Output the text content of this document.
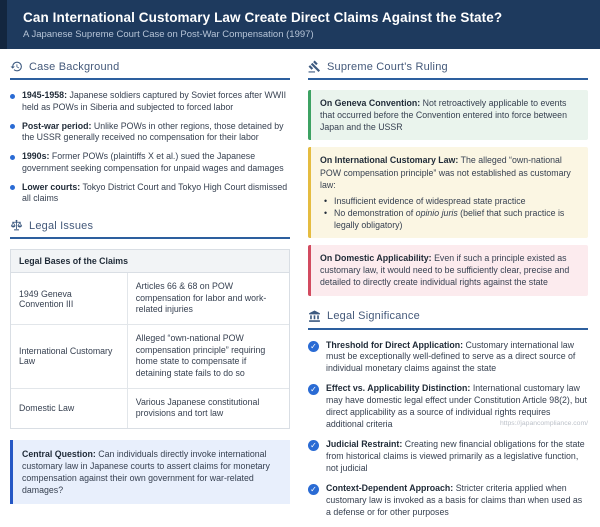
Can International Customary Law Create Direct Claims Against the State?
A Japanese Supreme Court Case on Post-War Compensation (1997)
Case Background
1945-1958: Japanese soldiers captured by Soviet forces after WWII held as POWs in Siberia and subjected to forced labor
Post-war period: Unlike POWs in other regions, those detained by the USSR generally received no compensation for their labor
1990s: Former POWs (plaintiffs X et al.) sued the Japanese government seeking compensation for unpaid wages and damages
Lower courts: Tokyo District Court and Tokyo High Court dismissed all claims
Legal Issues
Legal Bases of the Claims
1949 Geneva Convention III
Articles 66 & 68 on POW compensation for labor and work-related injuries
International Customary Law
Alleged “own-national POW compensation principle” requiring home state to compensate if detaining state fails to do so
Domestic Law
Various Japanese constitutional provisions and tort law
Central Question: Can individuals directly invoke international customary law in Japanese courts to assert claims for monetary compensation against their own government for war-related damages?
Supreme Court's Ruling
On Geneva Convention: Not retroactively applicable to events that occurred before the Convention entered into force between Japan and the USSR
On International Customary Law: The alleged “own-national POW compensation principle” was not established as customary law:
• Insufficient evidence of widespread state practice
• No demonstration of opinio juris (belief that such practice is legally obligatory)
On Domestic Applicability: Even if such a principle existed as customary law, it would need to be sufficiently clear, precise and detailed to directly create individual rights against the state
Legal Significance
✓ Threshold for Direct Application: Customary international law must be exceptionally well-defined to serve as a direct source of individual monetary claims against the state
✓ Effect vs. Applicability Distinction: International customary law may have domestic legal effect under Constitution Article 98(2), but direct applicability as a source of individual rights requires additional criteria
✓ Judicial Restraint: Creating new financial obligations for the state from historical claims is viewed primarily as a legislative function, not judicial
✓ Context-Dependent Approach: Stricter criteria applied when customary law is invoked as a basis for claims than when used as a defense or for other purposes
https://japancompliance.com/
